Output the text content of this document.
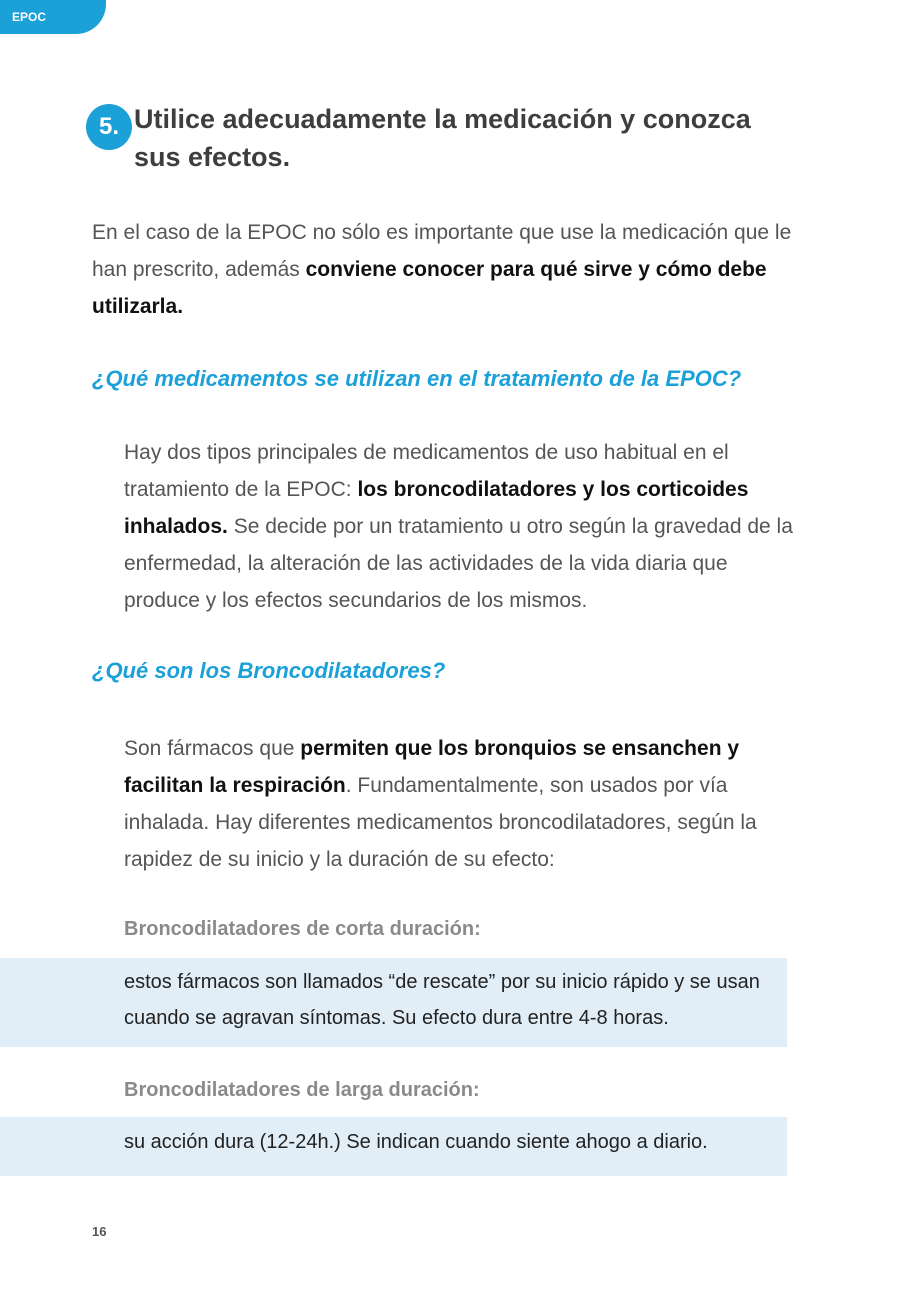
EPOC
5. Utilice adecuadamente la medicación y conozca sus efectos.
En el caso de la EPOC no sólo es importante que use la medicación que le han prescrito, además conviene conocer para qué sirve y cómo debe utilizarla.
¿Qué medicamentos se utilizan en el tratamiento de la EPOC?
Hay dos tipos principales de medicamentos de uso habitual en el tratamiento de la EPOC: los broncodilatadores y los corticoides inhalados. Se decide por un tratamiento u otro según la gravedad de la enfermedad, la alteración de las actividades de la vida diaria que produce y los efectos secundarios de los mismos.
¿Qué son los Broncodilatadores?
Son fármacos que permiten que los bronquios se ensanchen y facilitan la respiración. Fundamentalmente, son usados por vía inhalada. Hay diferentes medicamentos broncodilatadores, según la rapidez de su inicio y la duración de su efecto:
Broncodilatadores de corta duración:
estos fármacos son llamados “de rescate” por su inicio rápido y se usan cuando se agravan síntomas. Su efecto dura entre 4-8 horas.
Broncodilatadores de larga duración:
su acción dura (12-24h.) Se indican cuando siente ahogo a diario.
16
